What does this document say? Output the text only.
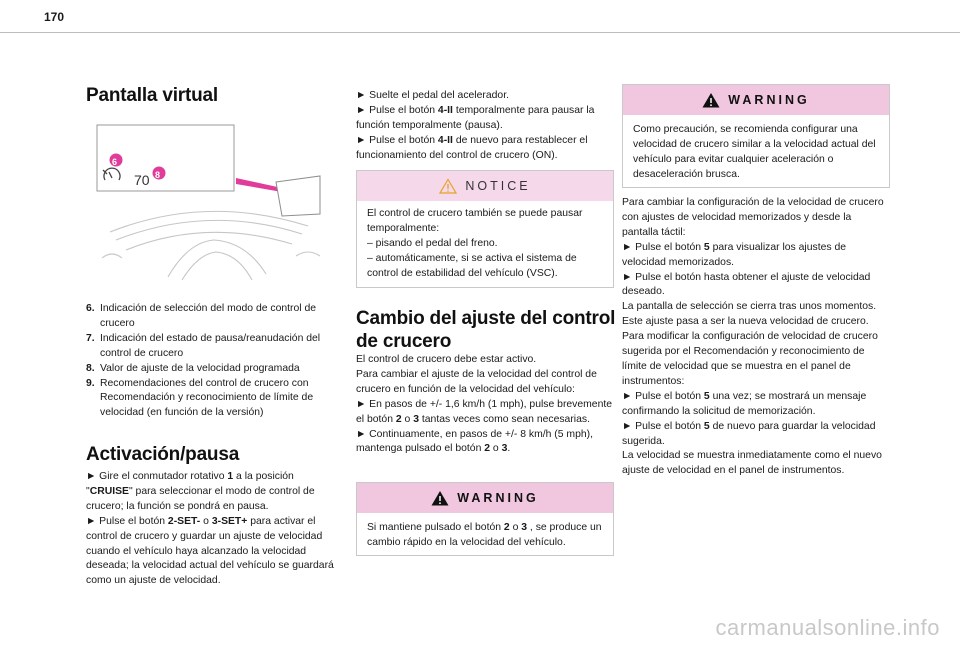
170
Pantalla virtual
6
8
70
6. Indicación de selección del modo de control de crucero
7. Indicación del estado de pausa/reanudación del control de crucero
8. Valor de ajuste de la velocidad programada
9. Recomendaciones del control de crucero con Recomendación y reconocimiento de límite de velocidad (en función de la versión)
Activación/pausa

► Gire el conmutador rotativo 1 a la posición "CRUISE" para seleccionar el modo de control de crucero; la función se pondrá en pausa.

► Pulse el botón 2-SET- o 3-SET+ para activar el control de crucero y guardar un ajuste de velocidad cuando el vehículo haya alcanzado la velocidad deseada; la velocidad actual del vehículo se guardará como un ajuste de velocidad.

► Suelte el pedal del acelerador.

► Pulse el botón 4-II temporalmente para pausar la función temporalmente (pausa).

► Pulse el botón 4-II de nuevo para restablecer el funcionamiento del control de crucero (ON).

NOTICE
El control de crucero también se puede pausar temporalmente:
– pisando el pedal del freno.
– automáticamente, si se activa el sistema de control de estabilidad del vehículo (VSC).
Cambio del ajuste del control de crucero

El control de crucero debe estar activo.

Para cambiar el ajuste de la velocidad del control de crucero en función de la velocidad del vehículo:

► En pasos de +/- 1,6 km/h (1 mph), pulse brevemente el botón 2 o 3 tantas veces como sean necesarias.

► Continuamente, en pasos de +/- 8 km/h (5 mph), mantenga pulsado el botón 2 o 3.

WARNING
Si mantiene pulsado el botón 2 o 3 , se produce un cambio rápido en la velocidad del vehículo.
WARNING
Como precaución, se recomienda configurar una velocidad de crucero similar a la velocidad actual del vehículo para evitar cualquier aceleración o desaceleración brusca.

Para cambiar la configuración de la velocidad de crucero con ajustes de velocidad memorizados y desde la pantalla táctil:

► Pulse el botón 5 para visualizar los ajustes de velocidad memorizados.

► Pulse el botón hasta obtener el ajuste de velocidad deseado.

La pantalla de selección se cierra tras unos momentos. Este ajuste pasa a ser la nueva velocidad de crucero.

Para modificar la configuración de velocidad de crucero sugerida por el Recomendación y reconocimiento de límite de velocidad que se muestra en el panel de instrumentos:

► Pulse el botón 5 una vez; se mostrará un mensaje confirmando la solicitud de memorización.

► Pulse el botón 5 de nuevo para guardar la velocidad sugerida.

La velocidad se muestra inmediatamente como el nuevo ajuste de velocidad en el panel de instrumentos.

carmanualsonline.info
